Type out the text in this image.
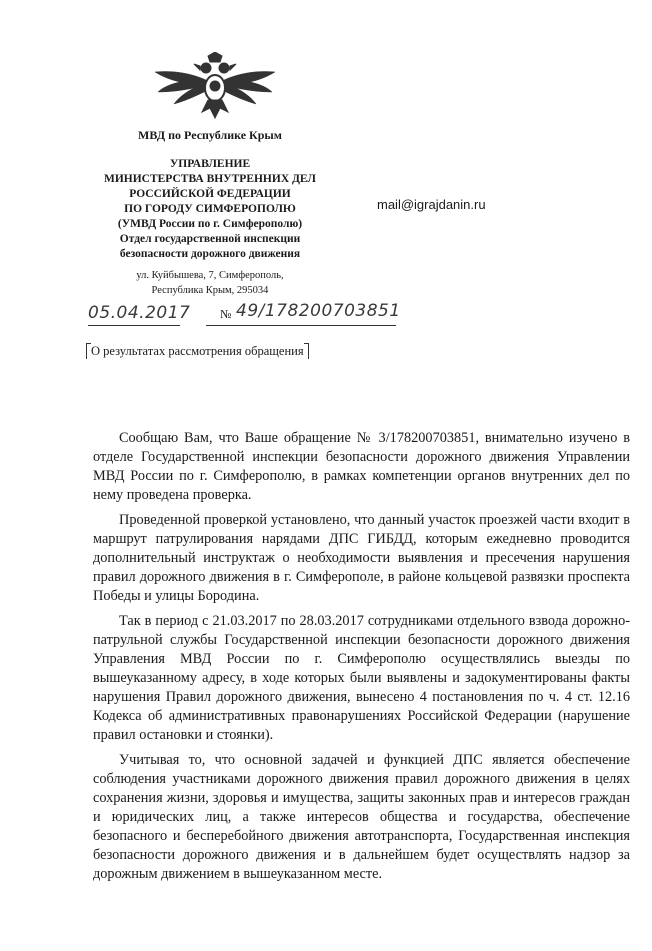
МВД по Республике Крым
УПРАВЛЕНИЕ
МИНИСТЕРСТВА ВНУТРЕННИХ ДЕЛ
РОССИЙСКОЙ ФЕДЕРАЦИИ
ПО ГОРОДУ СИМФЕРОПОЛЮ
(УМВД России по г. Симферополю)
Отдел государственной инспекции
безопасности дорожного движения
ул. Куйбышева, 7, Симферополь,
Республика Крым, 295034
mail@igrajdanin.ru
05.04.2017 № 49/178200703851
О результатах рассмотрения обращения

Сообщаю Вам, что Ваше обращение № 3/178200703851, внимательно изучено в отделе Государственной инспекции безопасности дорожного движения Управлении МВД России по г. Симферополю, в рамках компетенции органов внутренних дел по нему проведена проверка.

Проведенной проверкой установлено, что данный участок проезжей части входит в маршрут патрулирования нарядами ДПС ГИБДД, которым ежедневно проводится дополнительный инструктаж о необходимости выявления и пресечения нарушения правил дорожного движения в г. Симферополе, в районе кольцевой развязки проспекта Победы и улицы Бородина.

Так в период с 21.03.2017 по 28.03.2017 сотрудниками отдельного взвода дорожно-патрульной службы Государственной инспекции безопасности дорожного движения Управления МВД России по г. Симферополю осуществлялись выезды по вышеуказанному адресу, в ходе которых были выявлены и задокументированы факты нарушения Правил дорожного движения, вынесено 4 постановления по ч. 4 ст. 12.16 Кодекса об административных правонарушениях Российской Федерации (нарушение правил остановки и стоянки).

Учитывая то, что основной задачей и функцией ДПС является обеспечение соблюдения участниками дорожного движения правил дорожного движения в целях сохранения жизни, здоровья и имущества, защиты законных прав и интересов граждан и юридических лиц, а также интересов общества и государства, обеспечение безопасного и бесперебойного движения автотранспорта, Государственная инспекция безопасности дорожного движения и в дальнейшем будет осуществлять надзор за дорожным движением в вышеуказанном месте.
